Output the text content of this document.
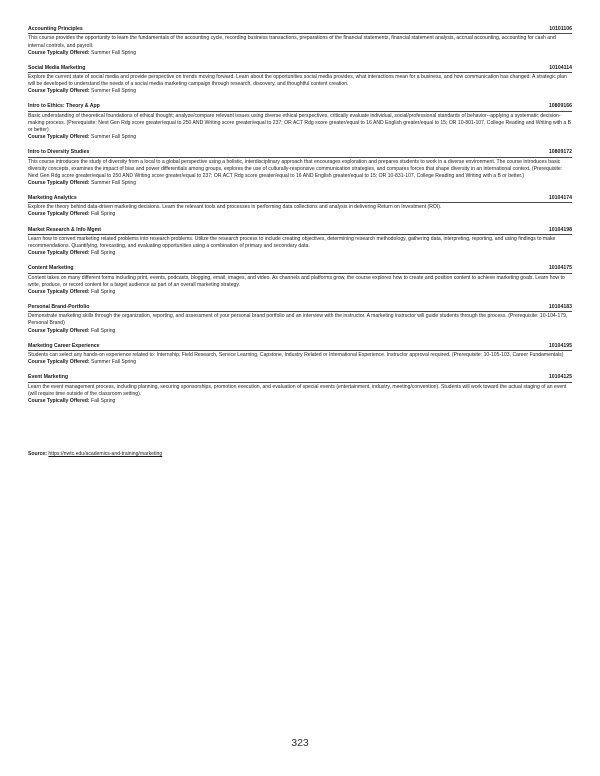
Accounting Principles	10101106
This course provides the opportunity to learn the fundamentals of the accounting cycle, recording business transactions, preparations of the financial statements, financial statement analysis, accrual accounting, accounting for cash and internal controls, and payroll.
Course Typically Offered: Summer Fall Spring
Social Media Marketing	10104114
Explore the current state of social media and provide perspective on trends moving forward. Learn about the opportunities social media provides, what interactions mean for a business, and how communication has changed. A strategic plan will be developed to understand the needs of a social media marketing campaign through research, discovery, and thoughtful content creation.
Course Typically Offered: Summer Fall Spring
Intro to Ethics: Theory & App	10809166
Basic understanding of theoretical foundations of ethical thought; analyze/compare relevant issues using diverse ethical perspectives, critically evaluate individual, social/professional standards of behavior--applying a systematic decision-making process. (Prerequisite: Next Gen Rdg score greater/equal to 250 AND Writing score greater/equal to 237; OR ACT Rdg score greater/equal to 16 AND English greater/equal to 15; OR 10-801-107, College Reading and Writing with a B or better)
Course Typically Offered: Summer Fall Spring
Intro to Diversity Studies	10809172
This course introduces the study of diversity from a local to a global perspective using a holistic, interdisciplinary approach that encourages exploration and prepares students to work in a diverse environment. The course introduces basic diversity concepts, examines the impact of bias and power differentials among groups, explores the use of culturally-responsive communication strategies, and compares forces that shape diversity in an international context. (Prerequisite: Next Gen Rdg score greater/equal to 250 AND Writing score greater/equal to 237; OR ACT Rdg score greater/equal to 16 AND English greater/equal to 15; OR 10-831-107, College Reading and Writing with a B or better.)
Course Typically Offered: Summer Fall Spring
Marketing Analytics	10104174
Explore the theory behind data-driven marketing decisions. Learn the relevant tools and processes in performing data collections and analysis in delivering Return on Investment (ROI).
Course Typically Offered: Fall Spring
Market Research & Info Mgmt	10104198
Learn how to convert marketing related problems into research problems. Utilize the research process to include creating objectives, determining research methodology, gathering data, interpreting, reporting, and using findings to make recommendations. Quantifying, forecasting, and evaluating opportunities using a combination of primary and secondary data.
Course Typically Offered: Fall Spring
Content Marketing	10104175
Content takes on many different forms including print, events, podcasts, blogging, email, images, and video. As channels and platforms grow, the course explores how to create and position content to achieve marketing goals. Learn how to write, produce, or record content for a target audience as part of an overall marketing strategy.
Course Typically Offered: Fall Spring
Personal Brand-Portfolio	10104183
Demonstrate marketing skills through the organization, reporting, and assessment of your personal brand portfolio and an interview with the instructor. A marketing instructor will guide students through the process. (Prerequisite: 10-104-179, Personal Brand)
Course Typically Offered: Fall Spring
Marketing Career Experience	10104195
Students can select any hands-on experience related to: Internship, Field Research, Service Learning, Capstone, Industry Related or International Experience. Instructor approval required. (Prerequisite: 10-105-103, Career Fundamentals)
Course Typically Offered: Summer Fall Spring
Event Marketing	10104125
Learn the event management process, including planning, securing sponsorships, promotion execution, and evaluation of special events (entertainment, industry, meeting/convention). Students will work toward the actual staging of an event (will require time outside of the classroom setting).
Course Typically Offered: Fall Spring
Source: https://nwtc.edu/academics-and-training/marketing
323
